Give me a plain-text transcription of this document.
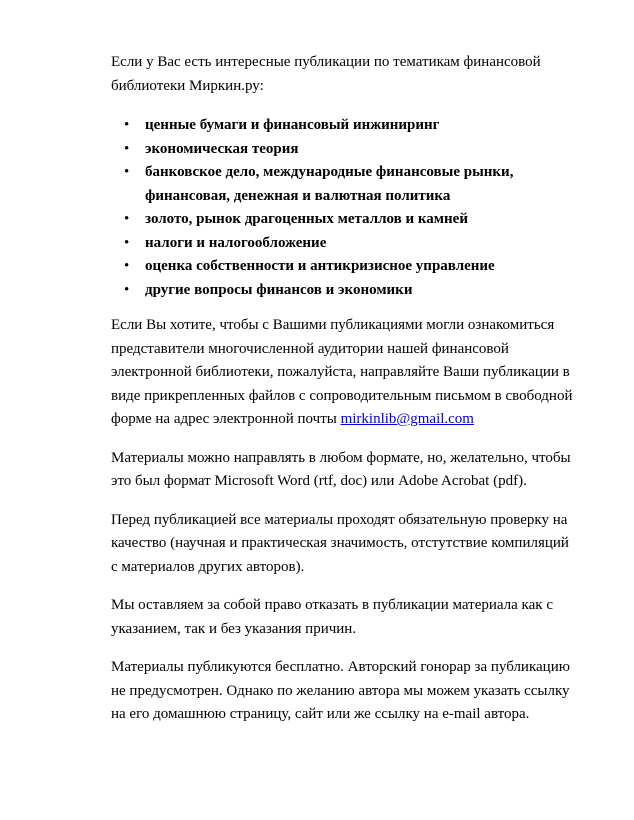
Если у Вас есть интересные публикации по тематикам финансовой библиотеки Миркин.ру:

• ценные бумаги и финансовый инжиниринг
• экономическая теория
• банковское дело, международные финансовые рынки, финансовая, денежная и валютная политика
• золото, рынок драгоценных металлов и камней
• налоги и налогообложение
• оценка собственности и антикризисное управление
• другие вопросы финансов и экономики

Если Вы хотите, чтобы с Вашими публикациями могли ознакомиться представители многочисленной аудитории нашей финансовой электронной библиотеки, пожалуйста, направляйте Ваши публикации в виде прикрепленных файлов с сопроводительным письмом в свободной форме на адрес электронной почты mirkinlib@gmail.com

Материалы можно направлять в любом формате, но, желательно, чтобы это был формат Microsoft Word (rtf, doc) или Adobe Acrobat (pdf).

Перед публикацией все материалы проходят обязательную проверку на качество (научная и практическая значимость, отстутствие компиляций с материалов других авторов).

Мы оставляем за собой право отказать в публикации материала как с указанием, так и без указания причин.

Материалы публикуются бесплатно. Авторский гонорар за публикацию не предусмотрен. Однако по желанию автора мы можем указать ссылку на его домашнюю страницу, сайт или же ссылку на e-mail автора.
